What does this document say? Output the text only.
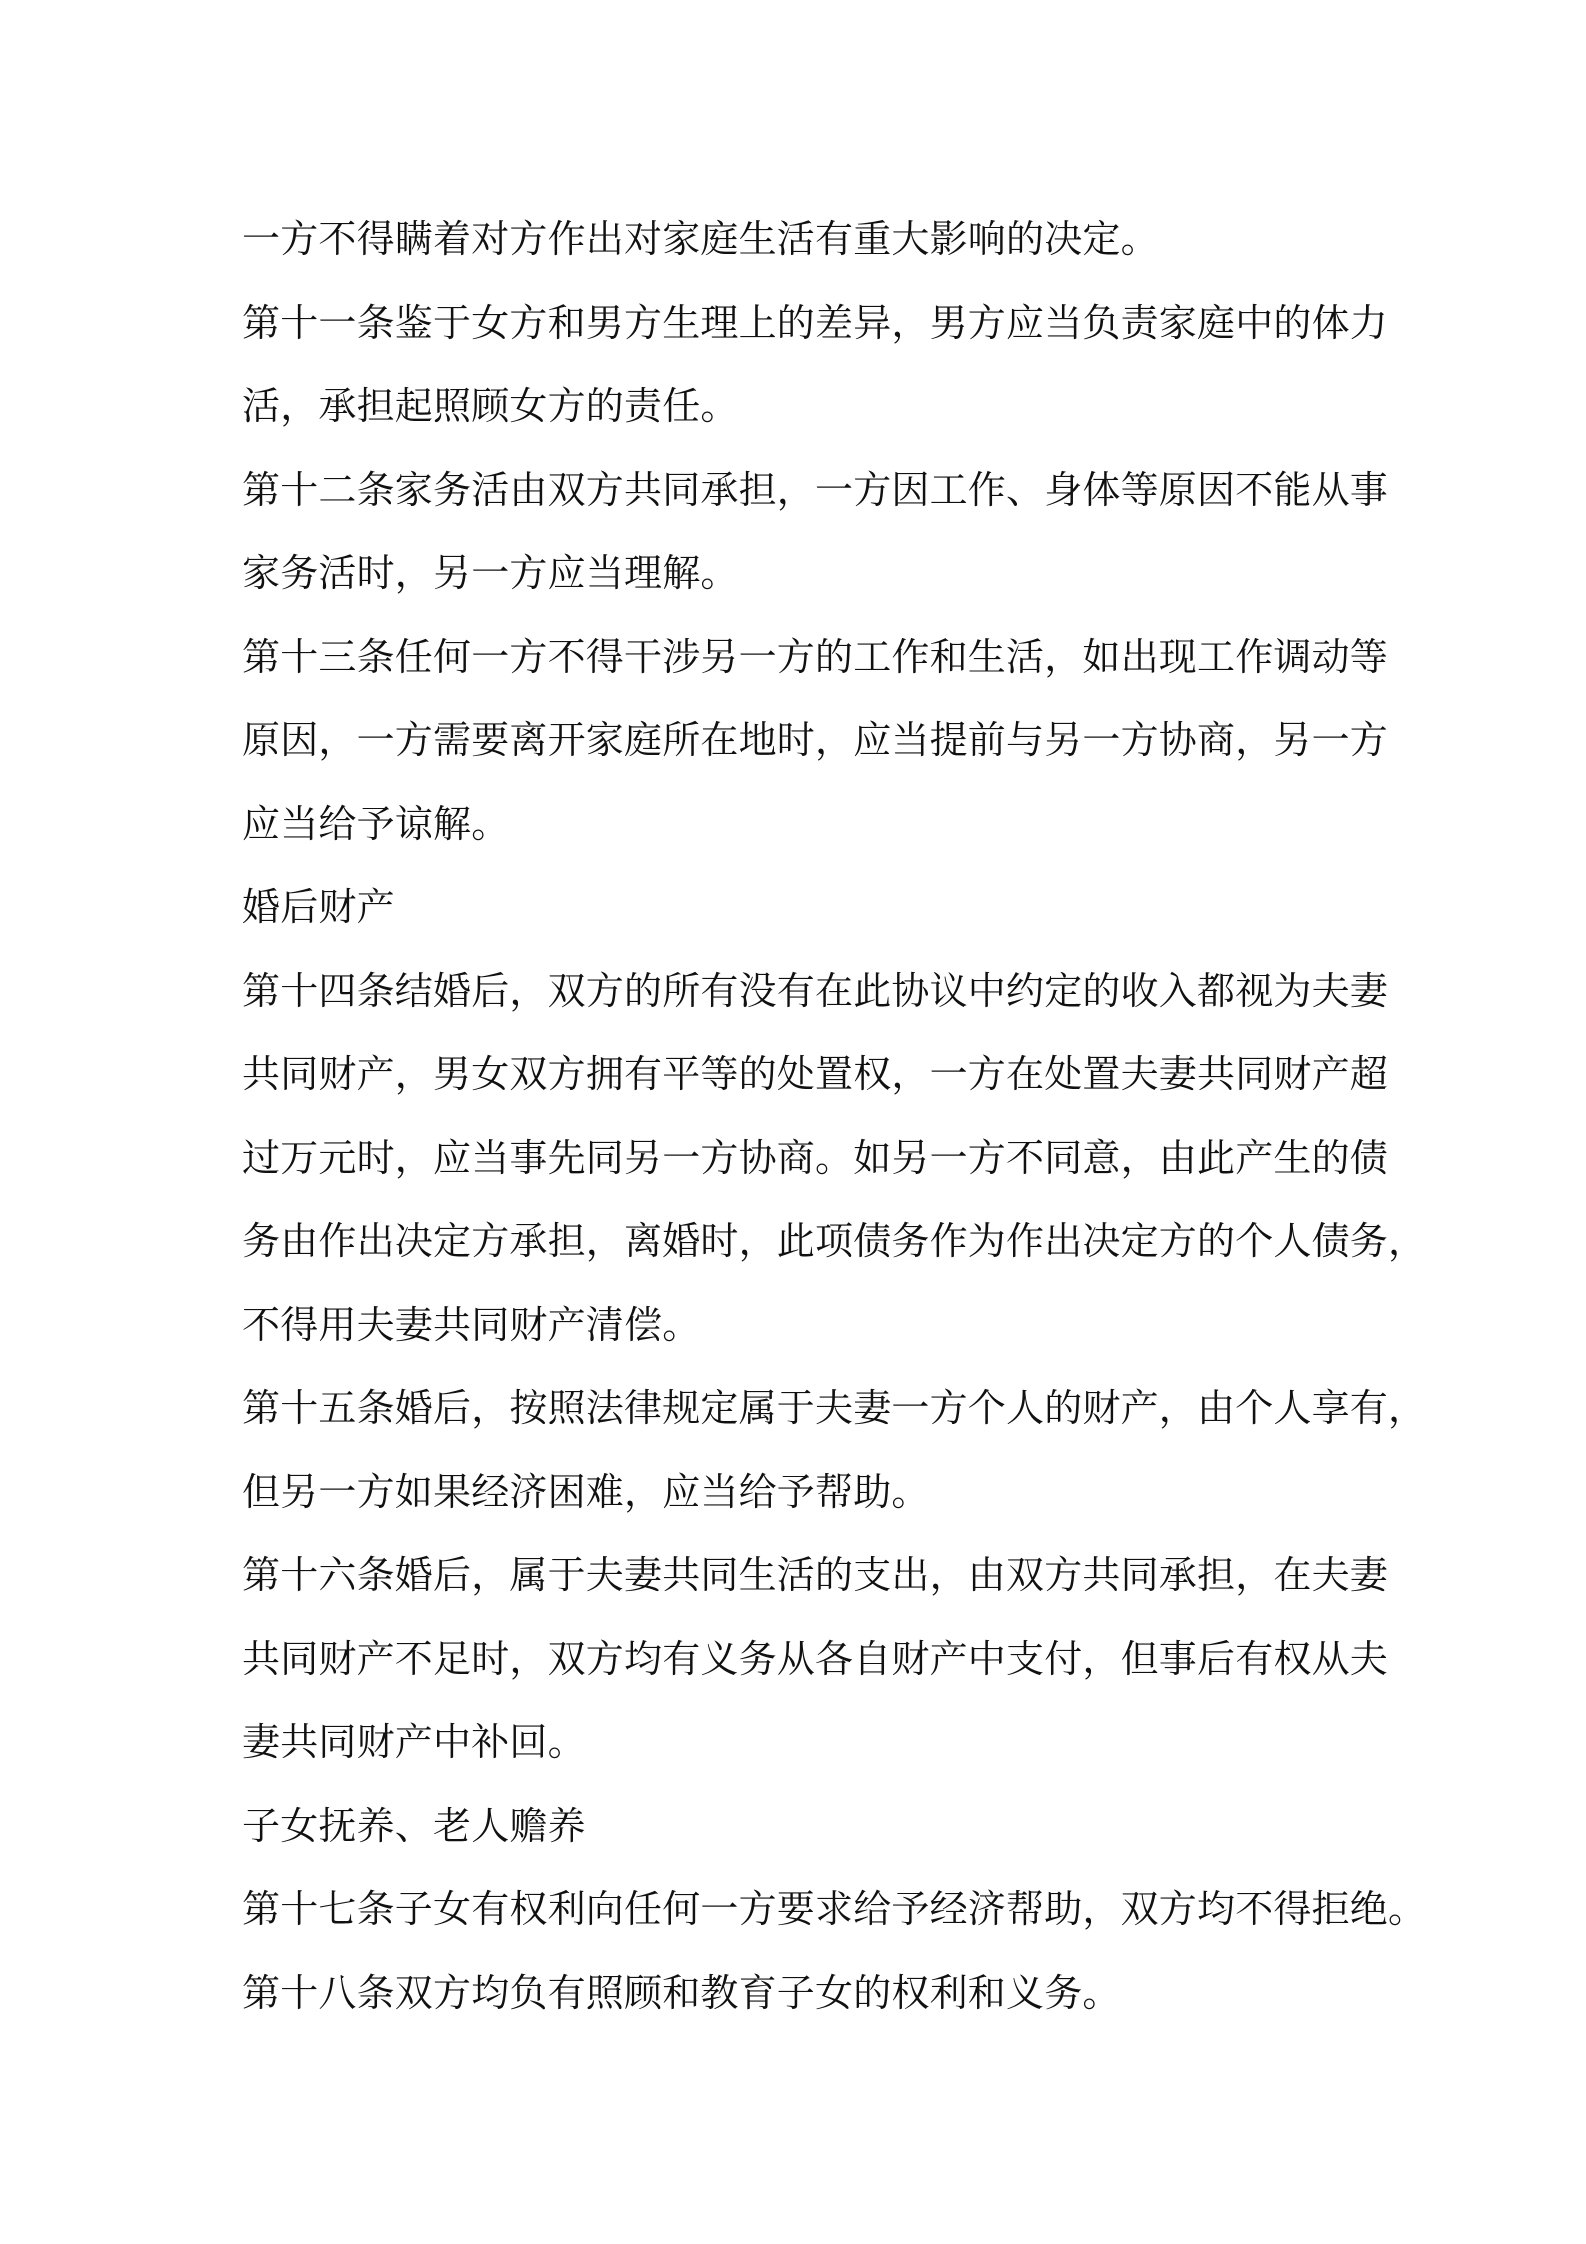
一方不得瞒着对方作出对家庭生活有重大影响的决定。
第十一条鉴于女方和男方生理上的差异，男方应当负责家庭中的体力
活，承担起照顾女方的责任。
第十二条家务活由双方共同承担，一方因工作、身体等原因不能从事
家务活时，另一方应当理解。
第十三条任何一方不得干涉另一方的工作和生活，如出现工作调动等
原因，一方需要离开家庭所在地时，应当提前与另一方协商，另一方
应当给予谅解。
婚后财产
第十四条结婚后，双方的所有没有在此协议中约定的收入都视为夫妻
共同财产，男女双方拥有平等的处置权，一方在处置夫妻共同财产超
过万元时，应当事先同另一方协商。如另一方不同意，由此产生的债
务由作出决定方承担，离婚时，此项债务作为作出决定方的个人债务，
不得用夫妻共同财产清偿。
第十五条婚后，按照法律规定属于夫妻一方个人的财产，由个人享有，
但另一方如果经济困难，应当给予帮助。
第十六条婚后，属于夫妻共同生活的支出，由双方共同承担，在夫妻
共同财产不足时，双方均有义务从各自财产中支付，但事后有权从夫
妻共同财产中补回。
子女抚养、老人赡养
第十七条子女有权利向任何一方要求给予经济帮助，双方均不得拒绝。
第十八条双方均负有照顾和教育子女的权利和义务。
